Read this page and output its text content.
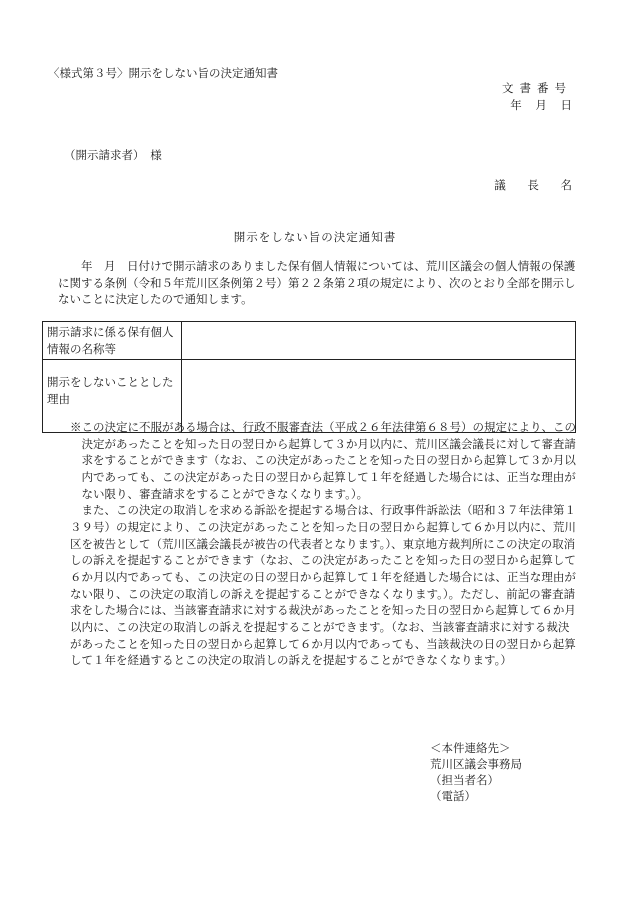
〈様式第３号〉開示をしない旨の決定通知書

文書番号

年 月 日

（開示請求者）　様

議 長 名

開示をしない旨の決定通知書

年　月　日付けで開示請求のありました保有個人情報については、荒川区議会の個人情報の保護に関する条例（令和５年荒川区条例第２号）第２２条第２項の規定により、次のとおり全部を開示しないことに決定したので通知します。

開示請求に係る保有個人情報の名称等	
開示をしないこととした理由	

※この決定に不服がある場合は、行政不服審査法（平成２６年法律第６８号）の規定により、この決定があったことを知った日の翌日から起算して３か月以内に、荒川区議会議長に対して審査請求をすることができます（なお、この決定があったことを知った日の翌日から起算して３か月以内であっても、この決定があった日の翌日から起算して１年を経過した場合には、正当な理由がない限り、審査請求をすることができなくなります。）。

また、この決定の取消しを求める訴訟を提起する場合は、行政事件訴訟法（昭和３７年法律第１３９号）の規定により、この決定があったことを知った日の翌日から起算して６か月以内に、荒川区を被告として（荒川区議会議長が被告の代表者となります。）、東京地方裁判所にこの決定の取消しの訴えを提起することができます（なお、この決定があったことを知った日の翌日から起算して６か月以内であっても、この決定の日の翌日から起算して１年を経過した場合には、正当な理由がない限り、この決定の取消しの訴えを提起することができなくなります。）。ただし、前記の審査請求をした場合には、当該審査請求に対する裁決があったことを知った日の翌日から起算して６か月以内に、この決定の取消しの訴えを提起することができます。（なお、当該審査請求に対する裁決があったことを知った日の翌日から起算して６か月以内であっても、当該裁決の日の翌日から起算して１年を経過するとこの決定の取消しの訴えを提起することができなくなります。）

＜本件連絡先＞
荒川区議会事務局
（担当者名）
（電話）
